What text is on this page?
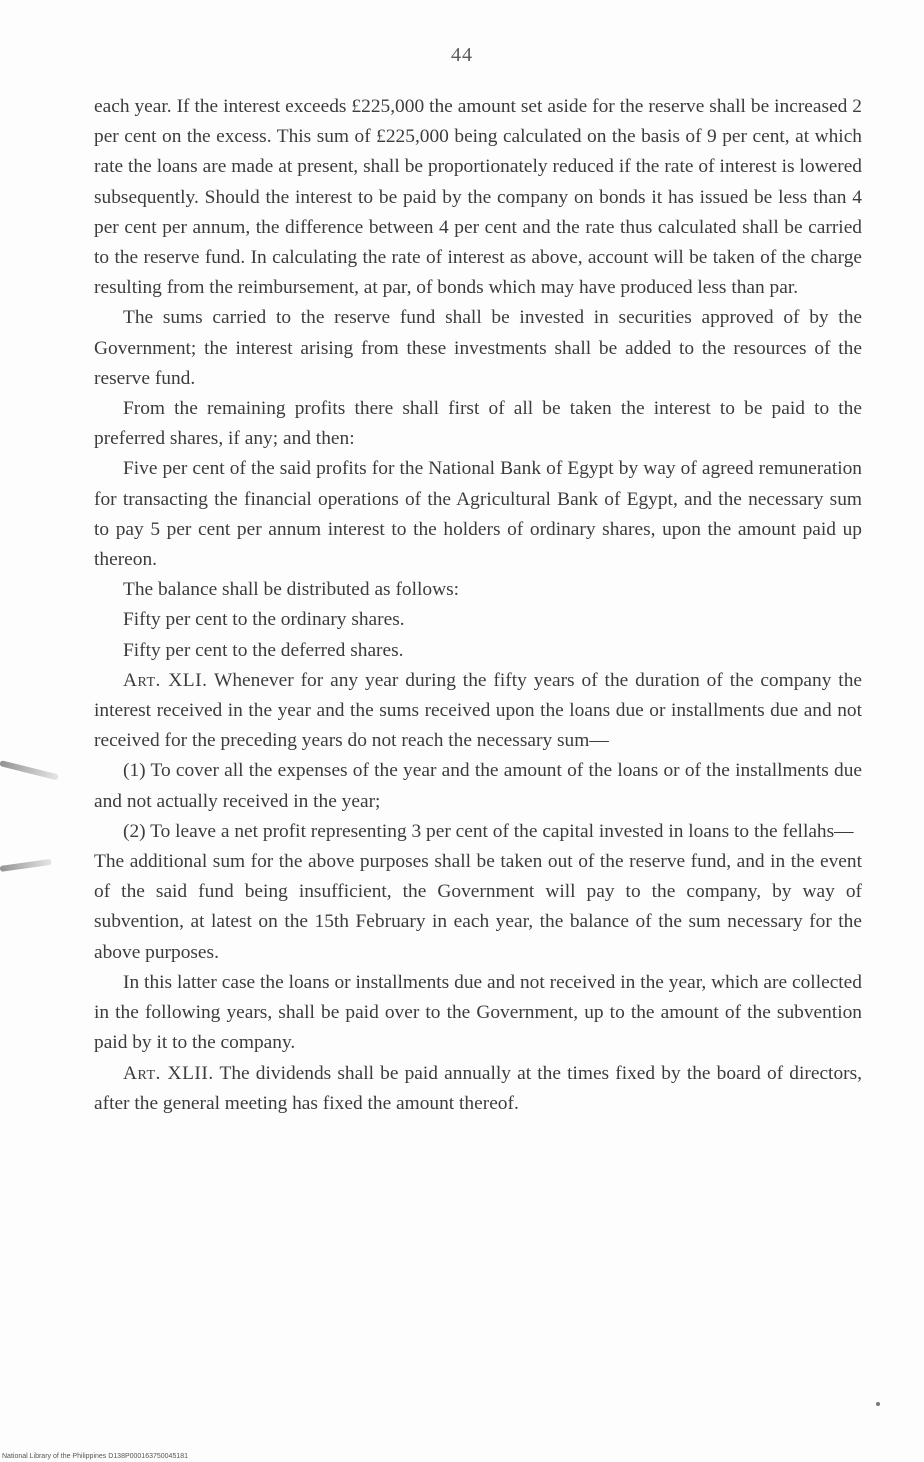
44

each year. If the interest exceeds £225,000 the amount set aside for the reserve shall be increased 2 per cent on the excess. This sum of £225,000 being calculated on the basis of 9 per cent, at which rate the loans are made at present, shall be proportionately reduced if the rate of interest is lowered subsequently. Should the interest to be paid by the company on bonds it has issued be less than 4 per cent per annum, the difference between 4 per cent and the rate thus calculated shall be carried to the reserve fund. In calculating the rate of interest as above, account will be taken of the charge resulting from the reimbursement, at par, of bonds which may have produced less than par.

The sums carried to the reserve fund shall be invested in securities approved of by the Government; the interest arising from these investments shall be added to the resources of the reserve fund.

From the remaining profits there shall first of all be taken the interest to be paid to the preferred shares, if any; and then:

Five per cent of the said profits for the National Bank of Egypt by way of agreed remuneration for transacting the financial operations of the Agricultural Bank of Egypt, and the necessary sum to pay 5 per cent per annum interest to the holders of ordinary shares, upon the amount paid up thereon.

The balance shall be distributed as follows:

Fifty per cent to the ordinary shares.

Fifty per cent to the deferred shares.

Art. XLI. Whenever for any year during the fifty years of the duration of the company the interest received in the year and the sums received upon the loans due or installments due and not received for the preceding years do not reach the necessary sum—

(1) To cover all the expenses of the year and the amount of the loans or of the installments due and not actually received in the year;

(2) To leave a net profit representing 3 per cent of the capital invested in loans to the fellahs—

The additional sum for the above purposes shall be taken out of the reserve fund, and in the event of the said fund being insufficient, the Government will pay to the company, by way of subvention, at latest on the 15th February in each year, the balance of the sum necessary for the above purposes.

In this latter case the loans or installments due and not received in the year, which are collected in the following years, shall be paid over to the Government, up to the amount of the subvention paid by it to the company.

Art. XLII. The dividends shall be paid annually at the times fixed by the board of directors, after the general meeting has fixed the amount thereof.

National Library of the Philippines D138P000163750045181
